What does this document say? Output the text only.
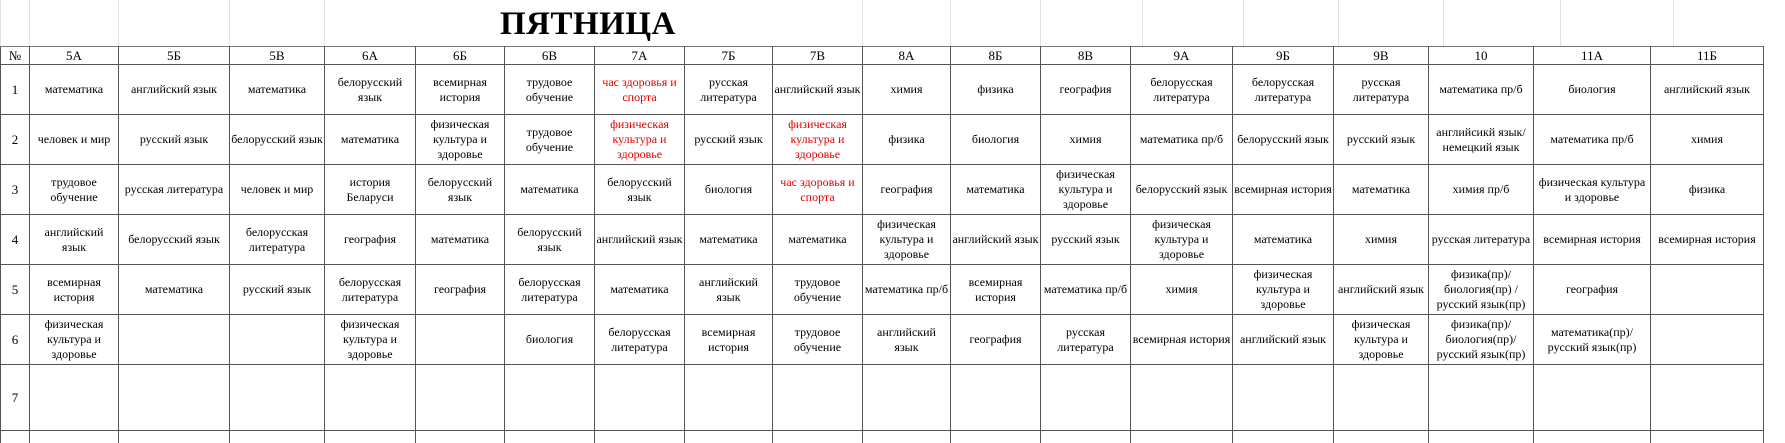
ПЯТНИЦА
№	5А	5Б	5В	6А	6Б	6В	7А	7Б	7В	8А	8Б	8В	9А	9Б	9В	10	11А	11Б
1	математика	английский язык	математика	белорусский язык	всемирная история	трудовое обучение	час здоровья и спорта	русская литература	английский язык	химия	физика	география	белорусская литература	белорусская литература	русская литература	математика пр/б	биология	английский язык
2	человек и мир	русский язык	белорусский язык	математика	физическая культура и здоровье	трудовое обучение	физическая культура и здоровье	русский язык	физическая культура и здоровье	физика	биология	химия	математика пр/б	белорусский язык	русский язык	английсикй язык/немецкий язык	математика пр/б	химия
3	трудовое обучение	русская литература	человек и мир	история Беларуси	белорусский язык	математика	белорусский язык	биология	час здоровья и спорта	география	математика	физическая культура и здоровье	белорусский язык	всемирная история	математика	химия пр/б	физическая культура и здоровье	физика
4	английский язык	белорусский язык	белорусская литература	география	математика	белорусский язык	английский язык	математика	математика	физическая культура и здоровье	английский язык	русский язык	физическая культура и здоровье	математика	химия	русская литература	всемирная история	всемирная история
5	всемирная история	математика	русский язык	белорусская литература	география	белорусская литература	математика	английский язык	трудовое обучение	математика пр/б	всемирная история	математика пр/б	химия	физическая культура и здоровье	английский язык	физика(пр)/биология(пр) /русский язык(пр)	география	
6	физическая культура и здоровье			физическая культура и здоровье		биология	белорусская литература	всемирная история	трудовое обучение	английский язык	география	русская литература	всемирная история	английский язык	физическая культура и здоровье	физика(пр)/биология(пр)/русский язык(пр)	математика(пр)/ русский язык(пр)	
7																		
